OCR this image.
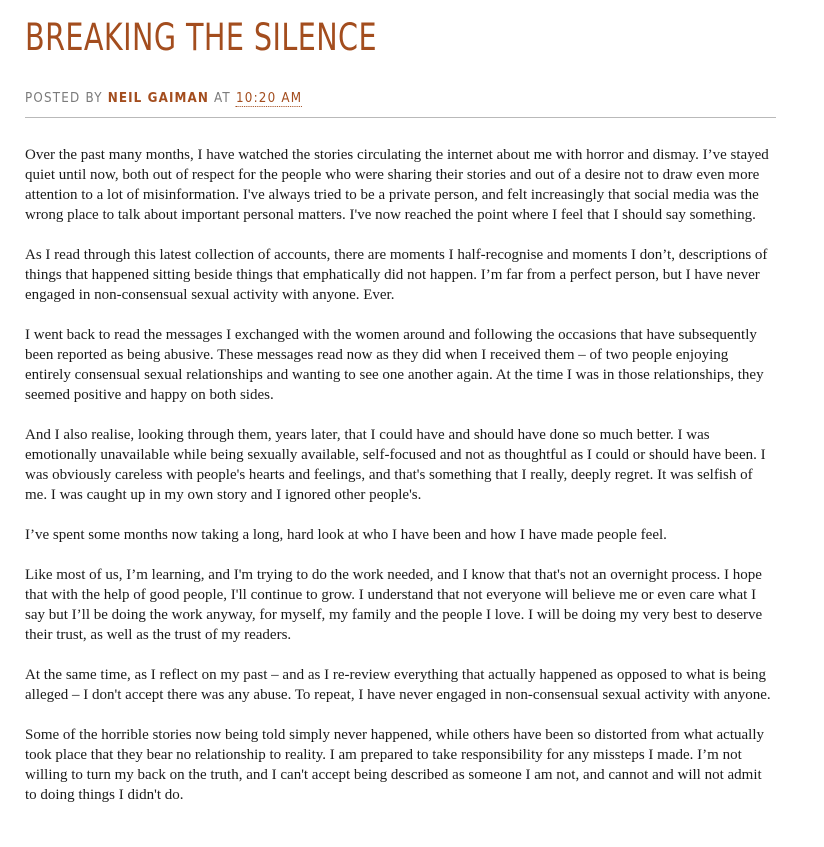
BREAKING THE SILENCE
POSTED BY NEIL GAIMAN AT 10:20 AM

Over the past many months, I have watched the stories circulating the internet about me with horror and dismay. I’ve stayed quiet until now, both out of respect for the people who were sharing their stories and out of a desire not to draw even more attention to a lot of misinformation. I've always tried to be a private person, and felt increasingly that social media was the wrong place to talk about important personal matters. I've now reached the point where I feel that I should say something.

As I read through this latest collection of accounts, there are moments I half-recognise and moments I don’t, descriptions of things that happened sitting beside things that emphatically did not happen. I’m far from a perfect person, but I have never engaged in non-consensual sexual activity with anyone. Ever.

I went back to read the messages I exchanged with the women around and following the occasions that have subsequently been reported as being abusive. These messages read now as they did when I received them – of two people enjoying entirely consensual sexual relationships and wanting to see one another again. At the time I was in those relationships, they seemed positive and happy on both sides.

And I also realise, looking through them, years later, that I could have and should have done so much better. I was emotionally unavailable while being sexually available, self-focused and not as thoughtful as I could or should have been. I was obviously careless with people's hearts and feelings, and that's something that I really, deeply regret. It was selfish of me. I was caught up in my own story and I ignored other people's.

I’ve spent some months now taking a long, hard look at who I have been and how I have made people feel.

Like most of us, I’m learning, and I'm trying to do the work needed, and I know that that's not an overnight process. I hope that with the help of good people, I'll continue to grow. I understand that not everyone will believe me or even care what I say but I’ll be doing the work anyway, for myself, my family and the people I love. I will be doing my very best to deserve their trust, as well as the trust of my readers.

At the same time, as I reflect on my past – and as I re-review everything that actually happened as opposed to what is being alleged – I don't accept there was any abuse. To repeat, I have never engaged in non-consensual sexual activity with anyone.

Some of the horrible stories now being told simply never happened, while others have been so distorted from what actually took place that they bear no relationship to reality. I am prepared to take responsibility for any missteps I made. I’m not willing to turn my back on the truth, and I can't accept being described as someone I am not, and cannot and will not admit to doing things I didn't do.
